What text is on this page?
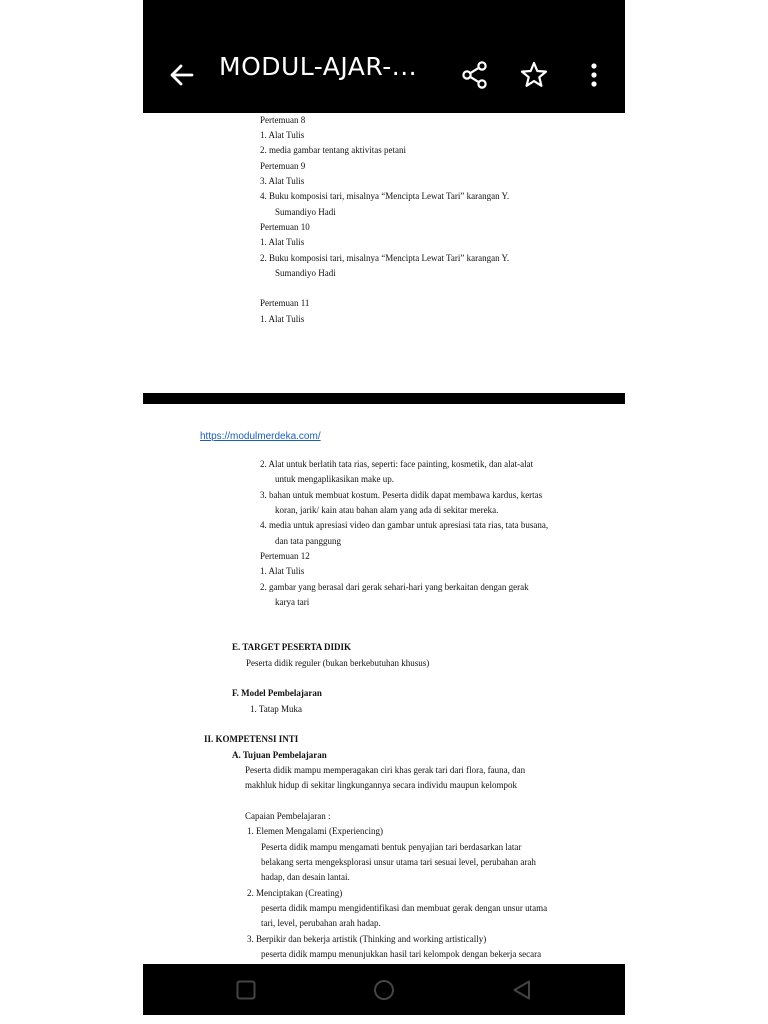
MODUL-AJAR-...
Pertemuan 8
1. Alat Tulis
2. media gambar tentang aktivitas petani
Pertemuan 9
3. Alat Tulis
4. Buku komposisi tari, misalnya “Mencipta Lewat Tari” karangan Y.
Sumandiyo Hadi
Pertemuan 10
1. Alat Tulis
2. Buku komposisi tari, misalnya “Mencipta Lewat Tari” karangan Y.
Sumandiyo Hadi
Pertemuan 11
1. Alat Tulis
https://modulmerdeka.com/
2. Alat untuk berlatih tata rias, seperti: face painting, kosmetik, dan alat-alat
untuk mengaplikasikan make up.
3. bahan untuk membuat kostum. Peserta didik dapat membawa kardus, kertas
koran, jarik/ kain atau bahan alam yang ada di sekitar mereka.
4. media untuk apresiasi video dan gambar untuk apresiasi tata rias, tata busana,
dan tata panggung
Pertemuan 12
1. Alat Tulis
2. gambar yang berasal dari gerak sehari-hari yang berkaitan dengan gerak
karya tari
E. TARGET PESERTA DIDIK
Peserta didik reguler (bukan berkebutuhan khusus)
F. Model Pembelajaran
1. Tatap Muka
II. KOMPETENSI INTI
A. Tujuan Pembelajaran
Peserta didik mampu memperagakan ciri khas gerak tari dari flora, fauna, dan
makhluk hidup di sekitar lingkungannya secara individu maupun kelompok
Capaian Pembelajaran :
1. Elemen Mengalami (Experiencing)
Peserta didik mampu mengamati bentuk penyajian tari berdasarkan latar
belakang serta mengeksplorasi unsur utama tari sesuai level, perubahan arah
hadap, dan desain lantai.
2. Menciptakan (Creating)
peserta didik mampu mengidentifikasi dan membuat gerak dengan unsur utama
tari, level, perubahan arah hadap.
3. Berpikir dan bekerja artistik (Thinking and working artistically)
peserta didik mampu menunjukkan hasil tari kelompok dengan bekerja secara
